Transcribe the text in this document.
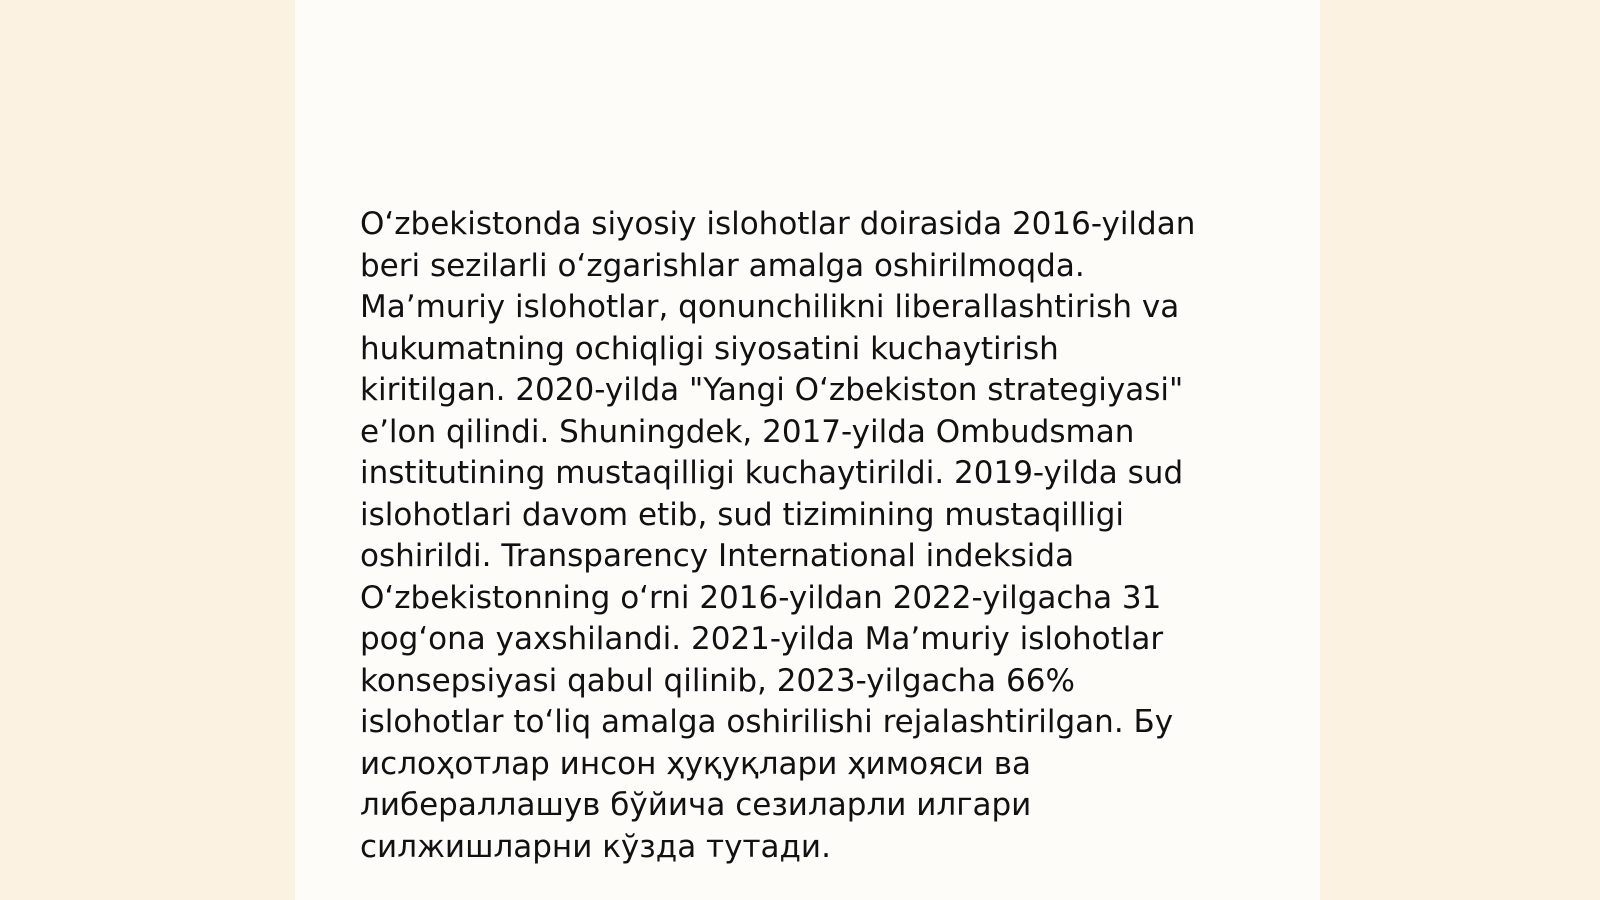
O‘zbekistonda siyosiy islohotlar doirasida 2016-yildan
beri sezilarli o‘zgarishlar amalga oshirilmoqda.
Ma’muriy islohotlar, qonunchilikni liberallashtirish va
hukumatning ochiqligi siyosatini kuchaytirish
kiritilgan. 2020-yilda "Yangi O‘zbekiston strategiyasi"
e’lon qilindi. Shuningdek, 2017-yilda Ombudsman
institutining mustaqilligi kuchaytirildi. 2019-yilda sud
islohotlari davom etib, sud tizimining mustaqilligi
oshirildi. Transparency International indeksida
O‘zbekistonning o‘rni 2016-yildan 2022-yilgacha 31
pog‘ona yaxshilandi. 2021-yilda Ma’muriy islohotlar
konsepsiyasi qabul qilinib, 2023-yilgacha 66%
islohotlar to‘liq amalga oshirilishi rejalashtirilgan. Бу
ислоҳотлар инсон ҳуқуқлари ҳимояси ва
либераллашув бўйича сезиларли илгари
силжишларни кўзда тутади.
